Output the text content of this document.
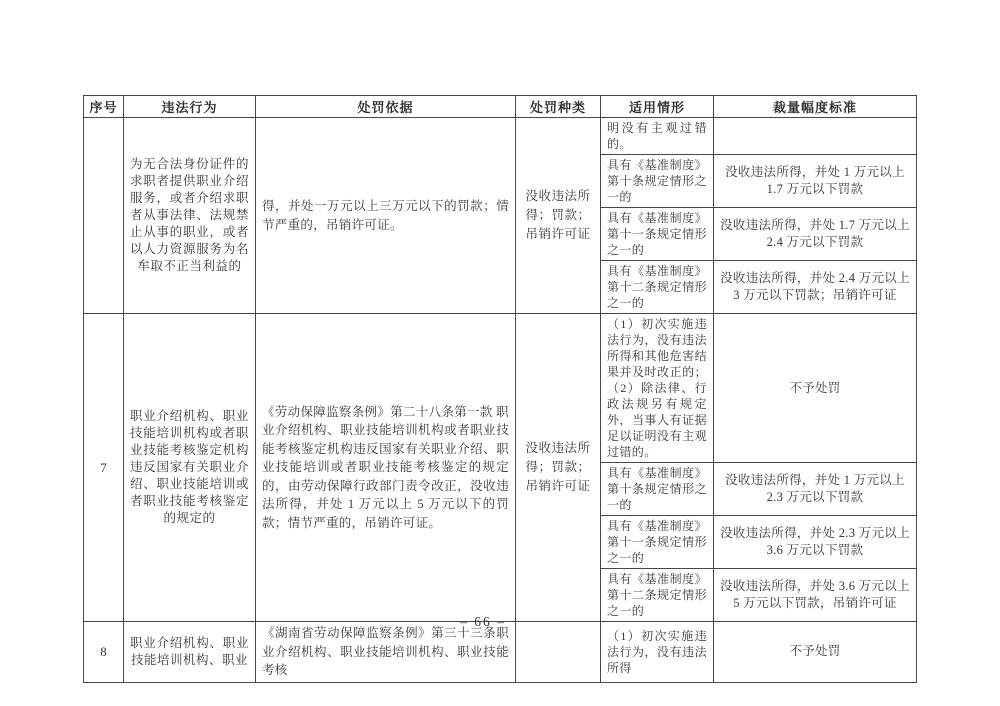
序号	违法行为	处罚依据	处罚种类	适用情形	裁量幅度标准
	为无合法身份证件的求职者提供职业介绍服务，或者介绍求职者从事法律、法规禁止从事的职业，或者以人力资源服务为名牟取不正当利益的	得，并处一万元以上三万元以下的罚款；情节严重的，吊销许可证。	没收违法所得；罚款；吊销许可证	明没有主观过错的。	
				具有《基准制度》第十条规定情形之一的	没收违法所得，并处 1 万元以上 1.7 万元以下罚款
				具有《基准制度》第十一条规定情形之一的	没收违法所得，并处 1.7 万元以上 2.4 万元以下罚款
				具有《基准制度》第十二条规定情形之一的	没收违法所得，并处 2.4 万元以上 3 万元以下罚款；吊销许可证
7	职业介绍机构、职业技能培训机构或者职业技能考核鉴定机构违反国家有关职业介绍、职业技能培训或者职业技能考核鉴定的规定的	《劳动保障监察条例》第二十八条第一款 职业介绍机构、职业技能培训机构或者职业技能考核鉴定机构违反国家有关职业介绍、职业技能培训或者职业技能考核鉴定的规定的，由劳动保障行政部门责令改正，没收违法所得，并处 1 万元以上 5 万元以下的罚款；情节严重的，吊销许可证。	没收违法所得；罚款；吊销许可证	（1）初次实施违法行为，没有违法所得和其他危害结果并及时改正的；（2）除法律、行政法规另有规定外，当事人有证据足以证明没有主观过错的。	不予处罚
				具有《基准制度》第十条规定情形之一的	没收违法所得，并处 1 万元以上 2.3 万元以下罚款
				具有《基准制度》第十一条规定情形之一的	没收违法所得，并处 2.3 万元以上 3.6 万元以下罚款
				具有《基准制度》第十二条规定情形之一的	没收违法所得，并处 3.6 万元以上 5 万元以下罚款，吊销许可证
8	职业介绍机构、职业技能培训机构、职业	《湖南省劳动保障监察条例》第三十三条职业介绍机构、职业技能培训机构、职业技能考核		（1）初次实施违法行为，没有违法所得	不予处罚
– 66 –
